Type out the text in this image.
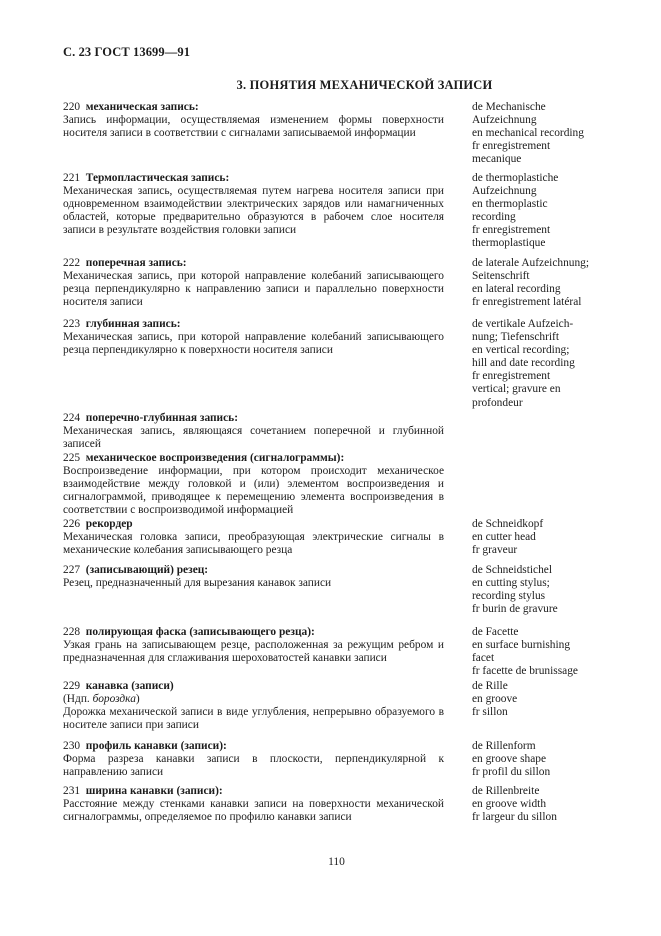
С. 23 ГОСТ 13699—91
3. ПОНЯТИЯ МЕХАНИЧЕСКОЙ ЗАПИСИ
220  механическая запись:
Запись информации, осуществляемая изменением формы поверхности носителя записи в соответствии с сигналами записываемой информации
de Mechanische
Aufzeichnung
en mechanical recording
fr enregistrement
mecanique
221  Термопластическая запись:
Механическая запись, осуществляемая путем нагрева носителя записи при одновременном взаимодействии электрических зарядов или намагниченных областей, которые предварительно образуются в рабочем слое носителя записи в результате воздействия головки записи
de thermoplastiche
Aufzeichnung
en thermoplastic
recording
fr enregistrement
thermoplastique
222  поперечная запись:
Механическая запись, при которой направление колебаний записывающего резца перпендикулярно к направлению записи и параллельно поверхности носителя записи
de laterale Aufzeichnung;
Seitenschrift
en lateral recording
fr enregistrement latéral
223  глубинная запись:
Механическая запись, при которой направление колебаний записывающего резца перпендикулярно к поверхности носителя записи
de vertikale Aufzeich-
nung; Tiefenschrift
en vertical recording;
hill and date recording
fr enregistrement
vertical; gravure en
profondeur
224  поперечно-глубинная запись:
Механическая запись, являющаяся сочетанием поперечной и глубинной записей
225  механическое воспроизведения (сигналограммы):
Воспроизведение информации, при котором происходит механическое взаимодействие между головкой и (или) элементом воспроизведения и сигналограммой, приводящее к перемещению элемента воспроизведения в соответствии с воспроизводимой информацией
226  рекордер
Механическая головка записи, преобразующая электрические сигналы в механические колебания записывающего резца
de Schneidkopf
en cutter head
fr graveur
227  (записывающий) резец:
Резец, предназначенный для вырезания канавок записи
de Schneidstichel
en cutting stylus;
recording stylus
fr burin de gravure
228  полирующая фаска (записывающего резца):
Узкая грань на записывающем резце, расположенная за режущим ребром и предназначенная для сглаживания шероховатостей канавки записи
de Facette
en surface burnishing
facet
fr facette de brunissage
229  канавка (записи)
(Ндп. бороздка)
Дорожка механической записи в виде углубления, непрерывно образуемого в носителе записи при записи
de Rille
en groove
fr sillon
230  профиль канавки (записи):
Форма разреза канавки записи в плоскости, перпендикулярной к направлению записи
de Rillenform
en groove shape
fr profil du sillon
231  ширина канавки (записи):
Расстояние между стенками канавки записи на поверхности механической сигналограммы, определяемое по профилю канавки записи
de Rillenbreite
en groove width
fr largeur du sillon
110
